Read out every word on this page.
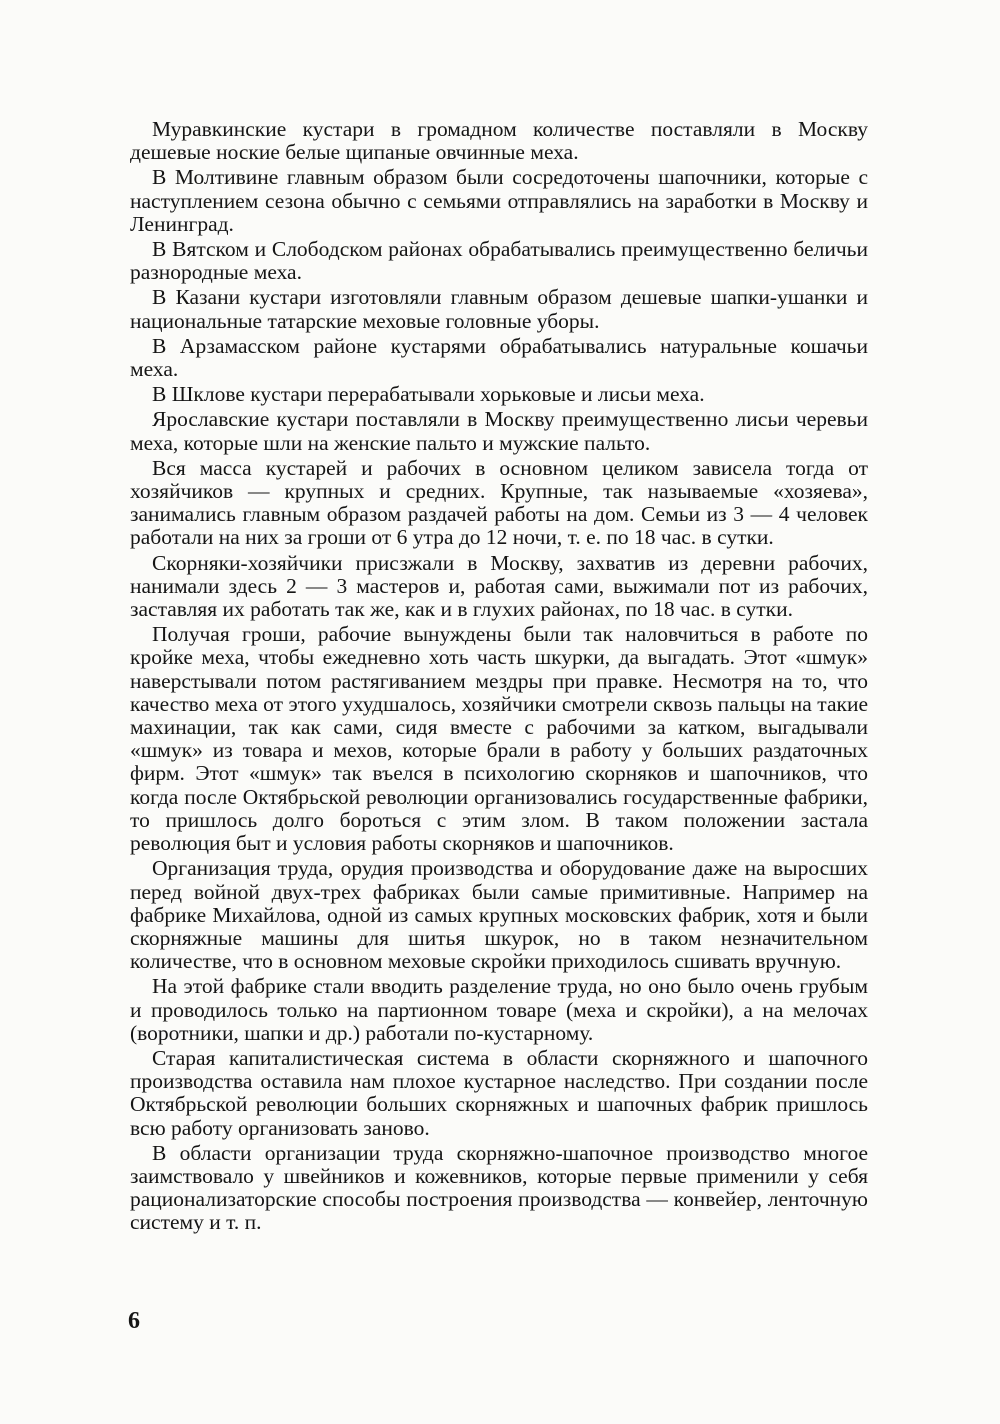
Муравкинские кустари в громадном количестве поставляли в Москву дешевые ноские белые щипаные овчинные меха.

В Молтивине главным образом были сосредоточены шапочники, которые с наступлением сезона обычно с семьями отправлялись на заработки в Москву и Ленинград.

В Вятском и Слободском районах обрабатывались преимущественно беличьи разнородные меха.

В Казани кустари изготовляли главным образом дешевые шапки-ушанки и национальные татарские меховые головные уборы.

В Арзамасском районе кустарями обрабатывались натуральные кошачьи меха.

В Шклове кустари перерабатывали хорьковые и лисьи меха.

Ярославские кустари поставляли в Москву преимущественно лисьи черевьи меха, которые шли на женские пальто и мужские пальто.

Вся масса кустарей и рабочих в основном целиком зависела тогда от хозяйчиков — крупных и средних. Крупные, так называемые «хозяева», занимались главным образом раздачей работы на дом. Семьи из 3 — 4 человек работали на них за гроши от 6 утра до 12 ночи, т. е. по 18 час. в сутки.

Скорняки-хозяйчики присзжали в Москву, захватив из деревни рабочих, нанимали здесь 2 — 3 мастеров и, работая сами, выжимали пот из рабочих, заставляя их работать так же, как и в глухих районах, по 18 час. в сутки.

Получая гроши, рабочие вынуждены были так наловчиться в работе по кройке меха, чтобы ежедневно хоть часть шкурки, да выгадать. Этот «шмук» наверстывали потом растягиванием мездры при правке. Несмотря на то, что качество меха от этого ухудшалось, хозяйчики смотрели сквозь пальцы на такие махинации, так как сами, сидя вместе с рабочими за катком, выгадывали «шмук» из товара и мехов, которые брали в работу у больших раздаточных фирм. Этот «шмук» так въелся в психологию скорняков и шапочников, что когда после Октябрьской революции организовались государственные фабрики, то пришлось долго бороться с этим злом. В таком положении застала революция быт и условия работы скорняков и шапочников.

Организация труда, орудия производства и оборудование даже на выросших перед войной двух-трех фабриках были самые примитивные. Например на фабрике Михайлова, одной из самых крупных московских фабрик, хотя и были скорняжные машины для шитья шкурок, но в таком незначительном количестве, что в основном меховые скройки приходилось сшивать вручную.

На этой фабрике стали вводить разделение труда, но оно было очень грубым и проводилось только на партионном товаре (меха и скройки), а на мелочах (воротники, шапки и др.) работали по-кустарному.

Старая капиталистическая система в области скорняжного и шапочного производства оставила нам плохое кустарное наследство. При создании после Октябрьской революции больших скорняжных и шапочных фабрик пришлось всю работу организовать заново.

В области организации труда скорняжно-шапочное производство многое заимствовало у швейников и кожевников, которые первые применили у себя рационализаторские способы построения производства — конвейер, ленточную систему и т. п.

6
